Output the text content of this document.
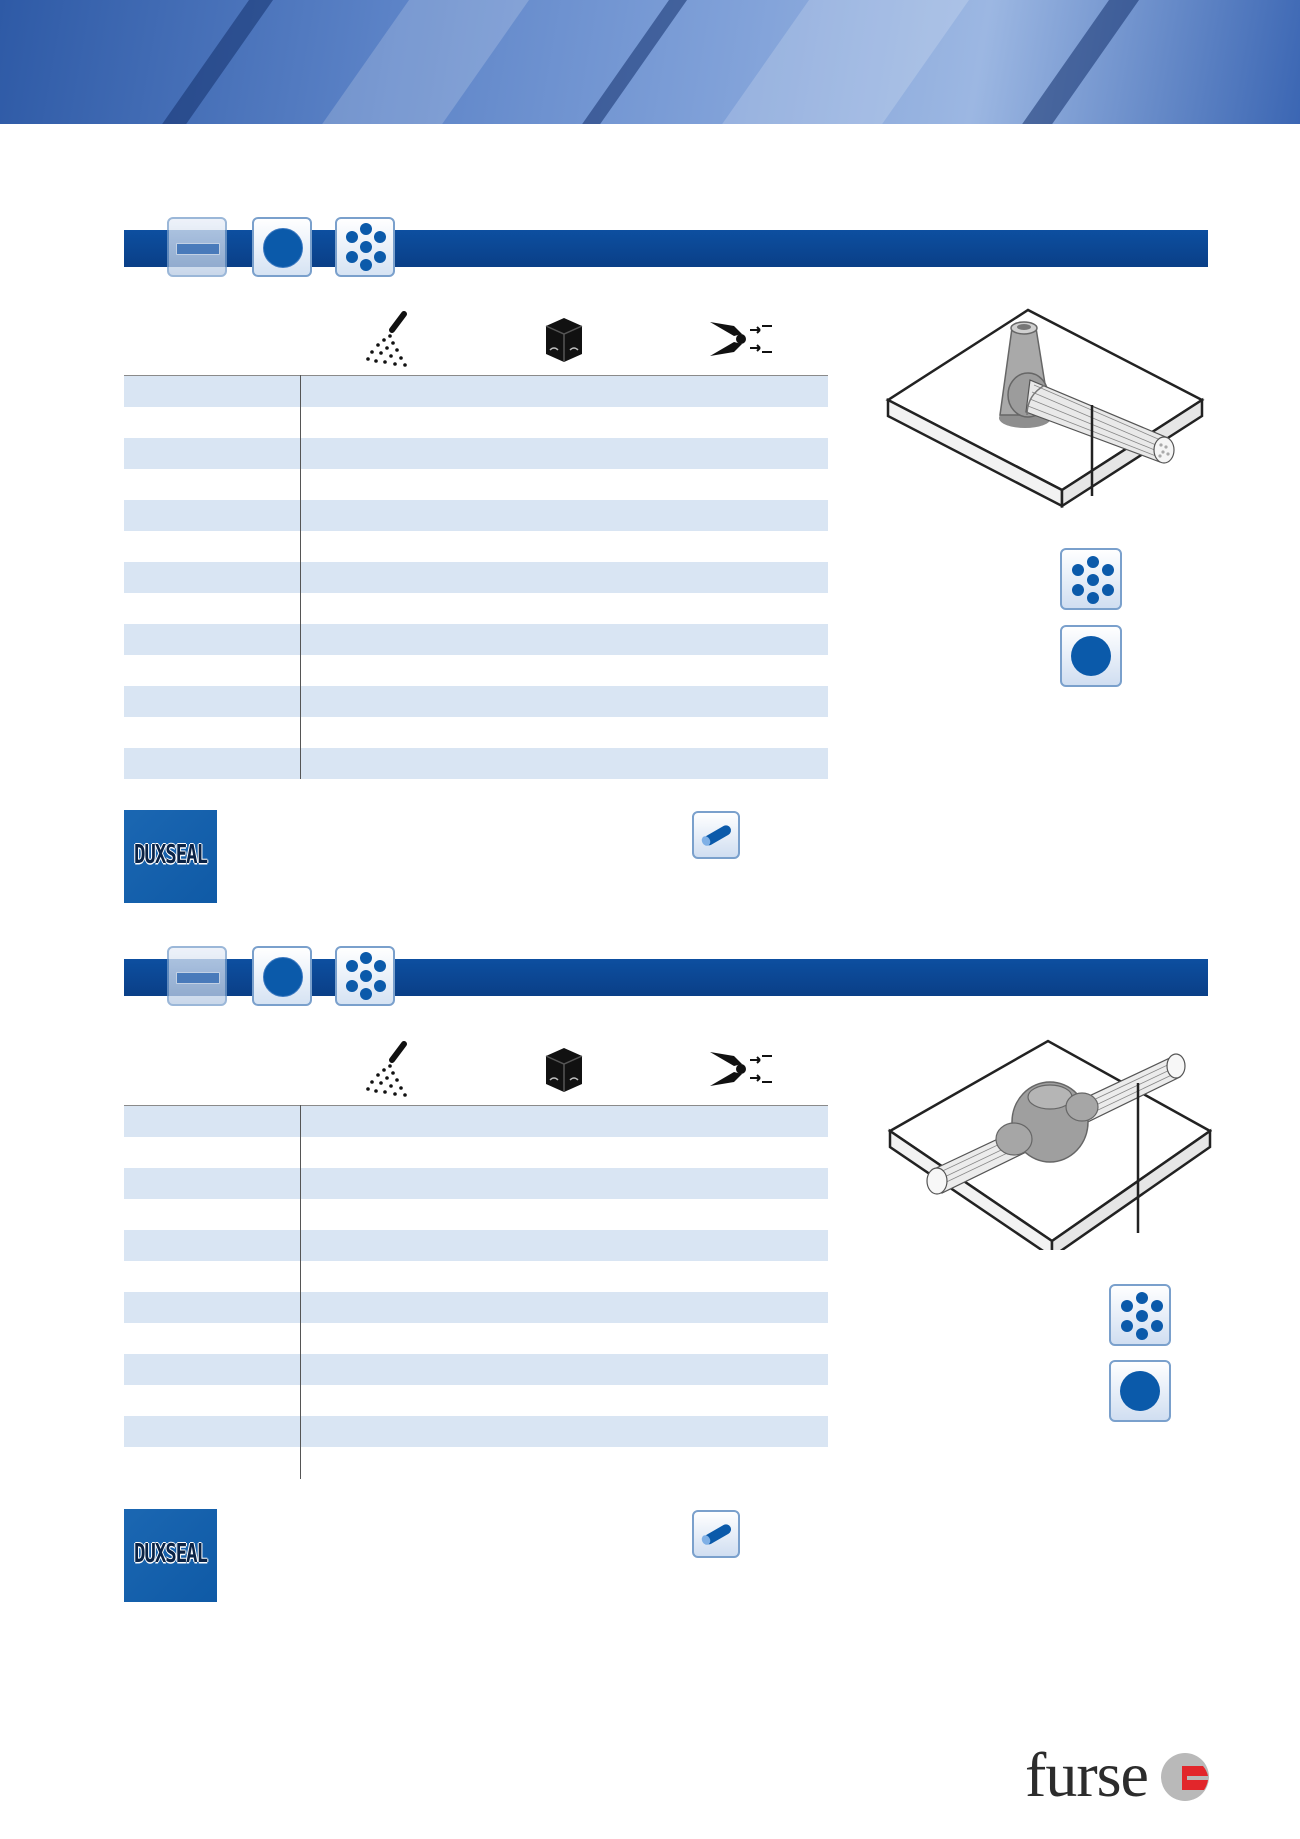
DUXSEAL
DUXSEAL
furse
